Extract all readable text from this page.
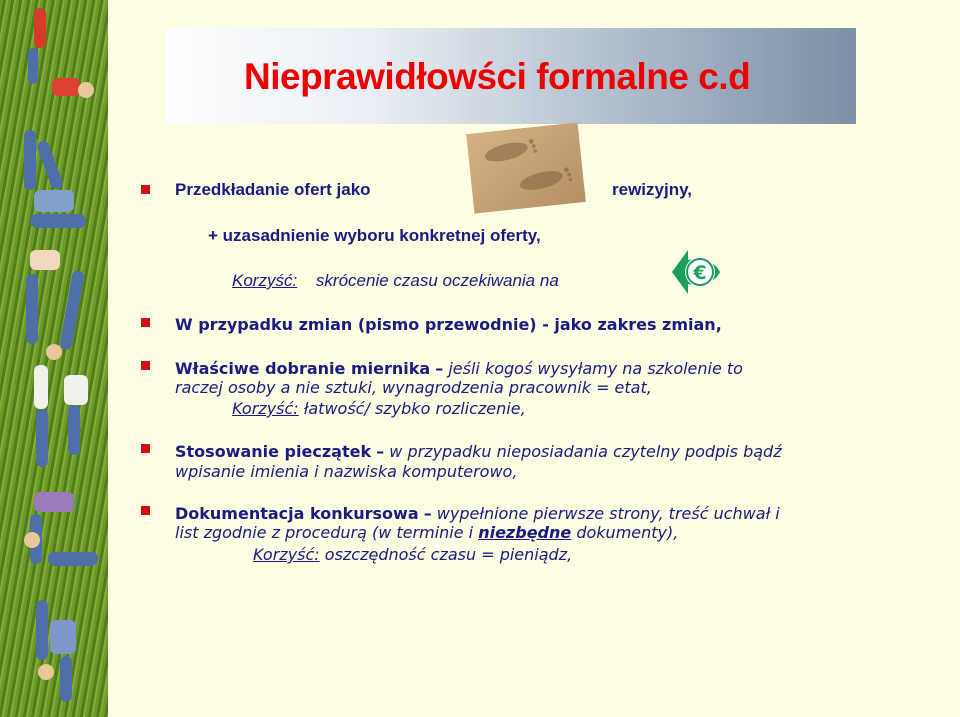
Nieprawidłowści formalne c.d
€
Przedkładanie ofert jako	rewizyjny,
+ uzasadnienie wyboru konkretnej oferty,
Korzyść: skrócenie czasu oczekiwania na
W przypadku zmian (pismo przewodnie) - jako zakres zmian,
Właściwe dobranie miernika – jeśli kogoś wysyłamy na szkolenie to
raczej osoby a nie sztuki, wynagrodzenia pracownik = etat,
Korzyść: łatwość/ szybko rozliczenie,
Stosowanie pieczątek – w przypadku nieposiadania czytelny podpis bądź
wpisanie imienia i nazwiska komputerowo,
Dokumentacja konkursowa – wypełnione pierwsze strony, treść uchwał i
list zgodnie z procedurą (w terminie i niezbędne dokumenty),
Korzyść: oszczędność czasu = pieniądz,
